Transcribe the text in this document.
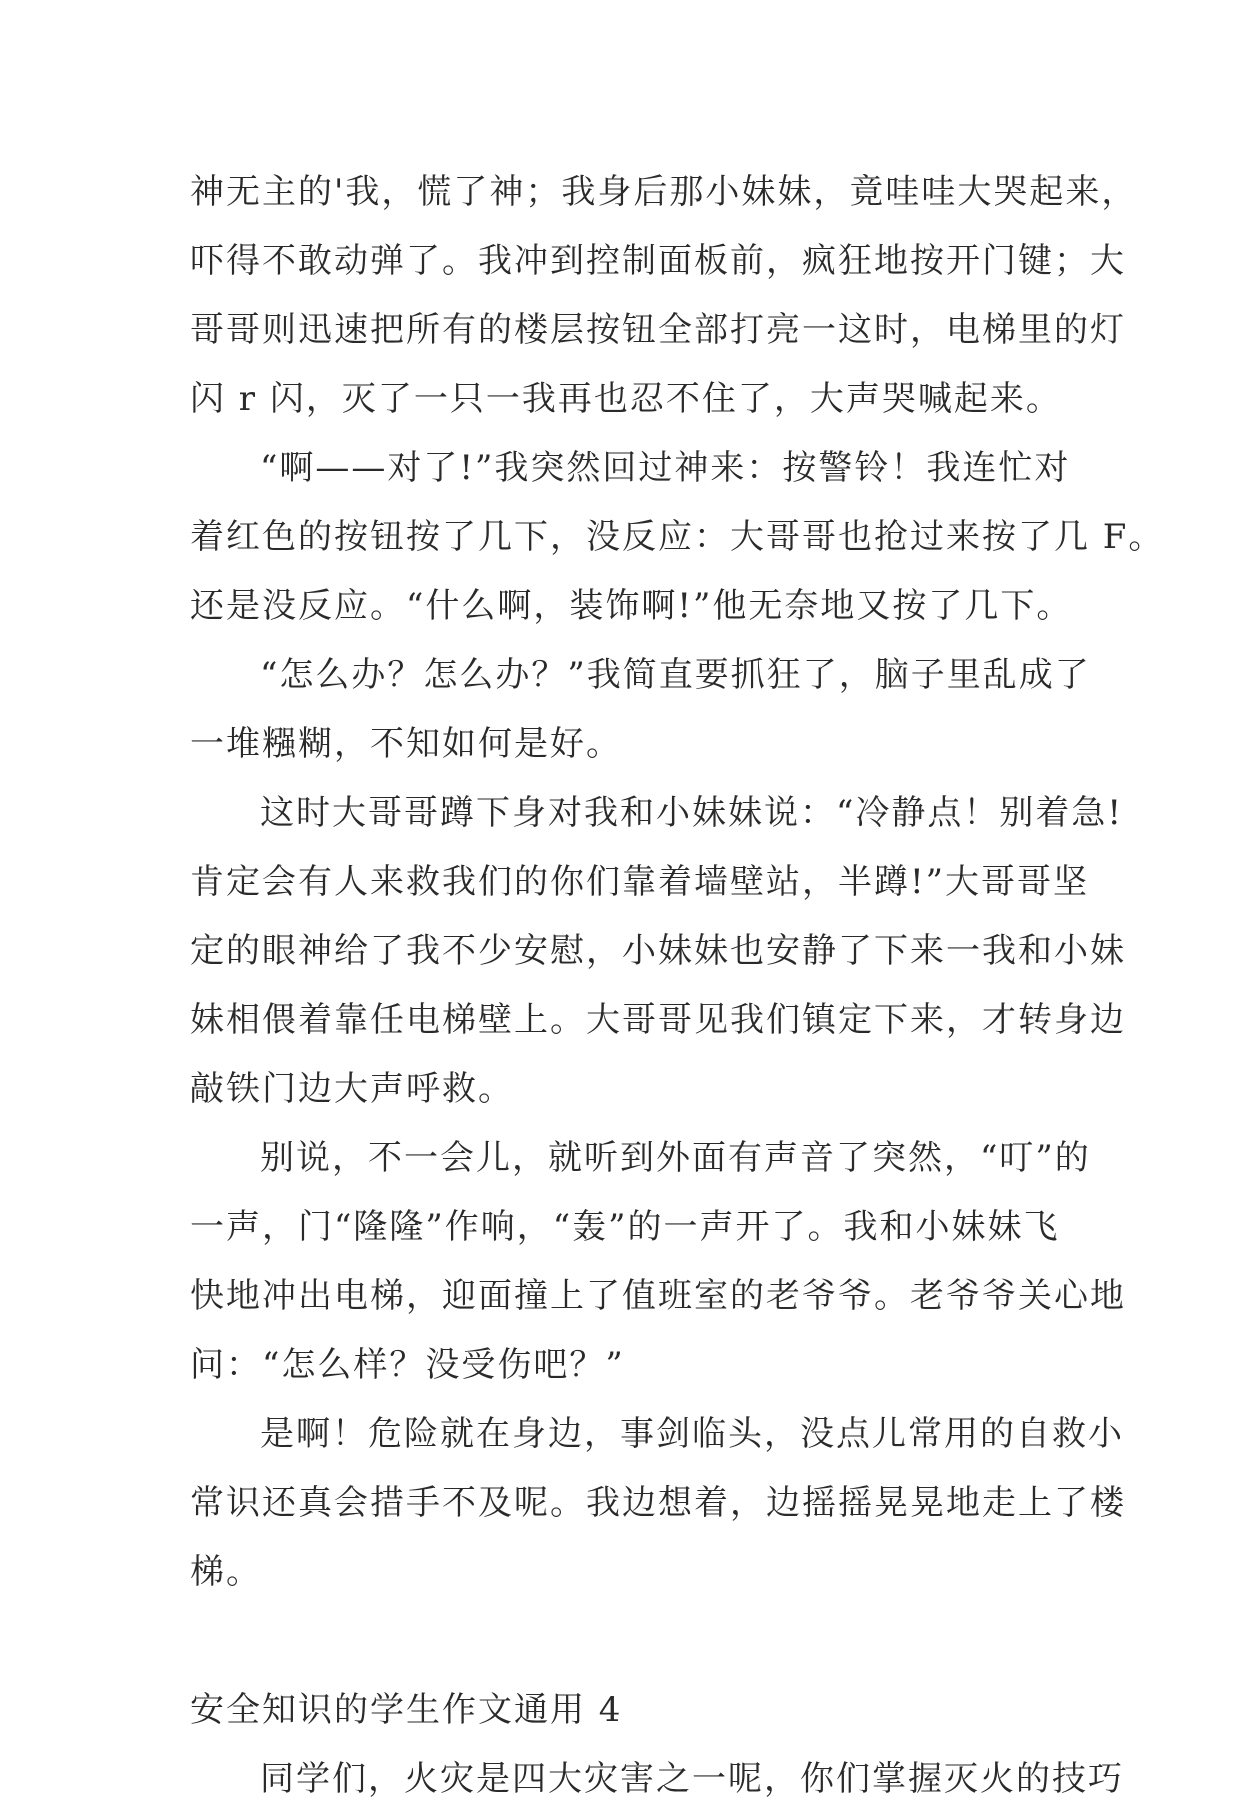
神无主的'我，慌了神；我身后那小妹妹，竟哇哇大哭起来，
吓得不敢动弹了。我冲到控制面板前，疯狂地按开门键；大
哥哥则迅速把所有的楼层按钮全部打亮一这时，电梯里的灯
闪 r 闪，灭了一只一我再也忍不住了，大声哭喊起来。
“啊——对了!”我突然回过神来：按警铃！我连忙对
着红色的按钮按了几下，没反应：大哥哥也抢过来按了几 F。
还是没反应。“什么啊，装饰啊!”他无奈地又按了几下。
“怎么办？怎么办？”我简直要抓狂了，脑子里乱成了
一堆糨糊，不知如何是好。
这时大哥哥蹲下身对我和小妹妹说：“冷静点！别着急!
肯定会有人来救我们的你们靠着墙壁站，半蹲!”大哥哥坚
定的眼神给了我不少安慰，小妹妹也安静了下来一我和小妹
妹相偎着靠任电梯壁上。大哥哥见我们镇定下来，才转身边
敲铁门边大声呼救。
别说，不一会儿，就听到外面有声音了突然，“叮”的
一声，门“隆隆”作响，“轰”的一声开了。我和小妹妹飞
快地冲出电梯，迎面撞上了值班室的老爷爷。老爷爷关心地
问：“怎么样？没受伤吧？”
是啊！危险就在身边，事剑临头，没点儿常用的自救小
常识还真会措手不及呢。我边想着，边摇摇晃晃地走上了楼
梯。
安全知识的学生作文通用 4
同学们，火灾是四大灾害之一呢，你们掌握灭火的技巧
